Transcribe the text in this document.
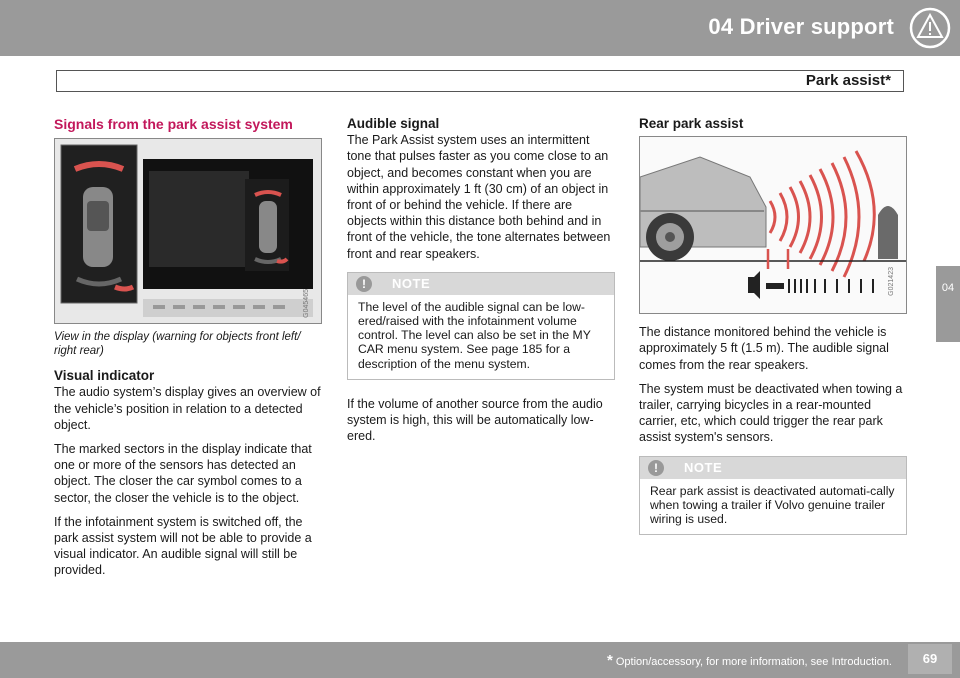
04 Driver support
Park assist*
04
Signals from the park assist system
G045465
View in the display (warning for objects front left/ right rear)
Visual indicator

The audio system’s display gives an overview of the vehicle’s position in relation to a detected object.

The marked sectors in the display indicate that one or more of the sensors has detected an object. The closer the car symbol comes to a sector, the closer the vehicle is to the object.

If the infotainment system is switched off, the park assist system will not be able to provide a visual indicator. An audible signal will still be provided.

Audible signal

The Park Assist system uses an intermittent tone that pulses faster as you come close to an object, and becomes constant when you are within approximately 1 ft (30 cm) of an object in front of or behind the vehicle. If there are objects within this distance both behind and in front of the vehicle, the tone alternates between front and rear speakers.

!	NOTE
The level of the audible signal can be low-ered/raised with the infotainment volume control. The level can also be set in the MY CAR menu system. See page 185 for a description of the menu system.

If the volume of another source from the audio system is high, this will be automatically low-ered.

Rear park assist
G021423

The distance monitored behind the vehicle is approximately 5 ft (1.5 m). The audible signal comes from the rear speakers.

The system must be deactivated when towing a trailer, carrying bicycles in a rear-mounted carrier, etc, which could trigger the rear park assist system's sensors.

!	NOTE
Rear park assist is deactivated automati-cally when towing a trailer if Volvo genuine trailer wiring is used.
* Option/accessory, for more information, see Introduction.	69
